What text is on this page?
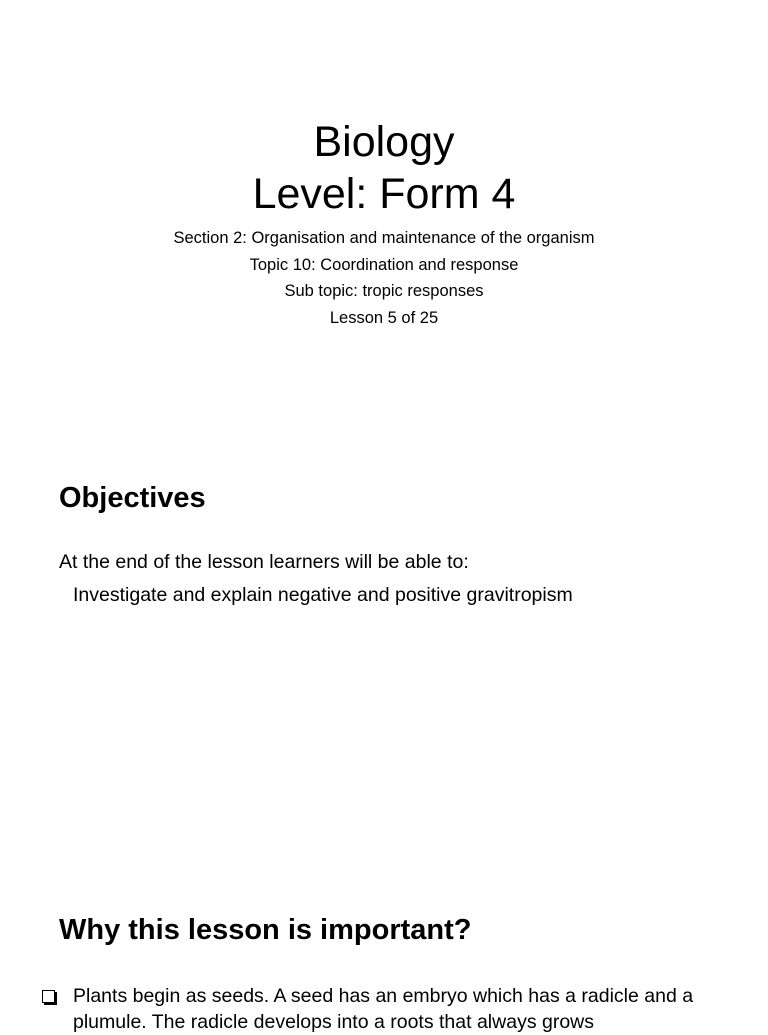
Biology
Level: Form 4
Section 2: Organisation and maintenance of the organism
Topic 10: Coordination and response
Sub topic: tropic responses
Lesson 5 of 25
Objectives
At the end of the lesson learners will be able to:
Investigate and explain negative and positive gravitropism
Why this lesson is important?
Plants begin as seeds. A seed has an embryo which has a radicle and a plumule. The radicle develops into a roots that always grows
